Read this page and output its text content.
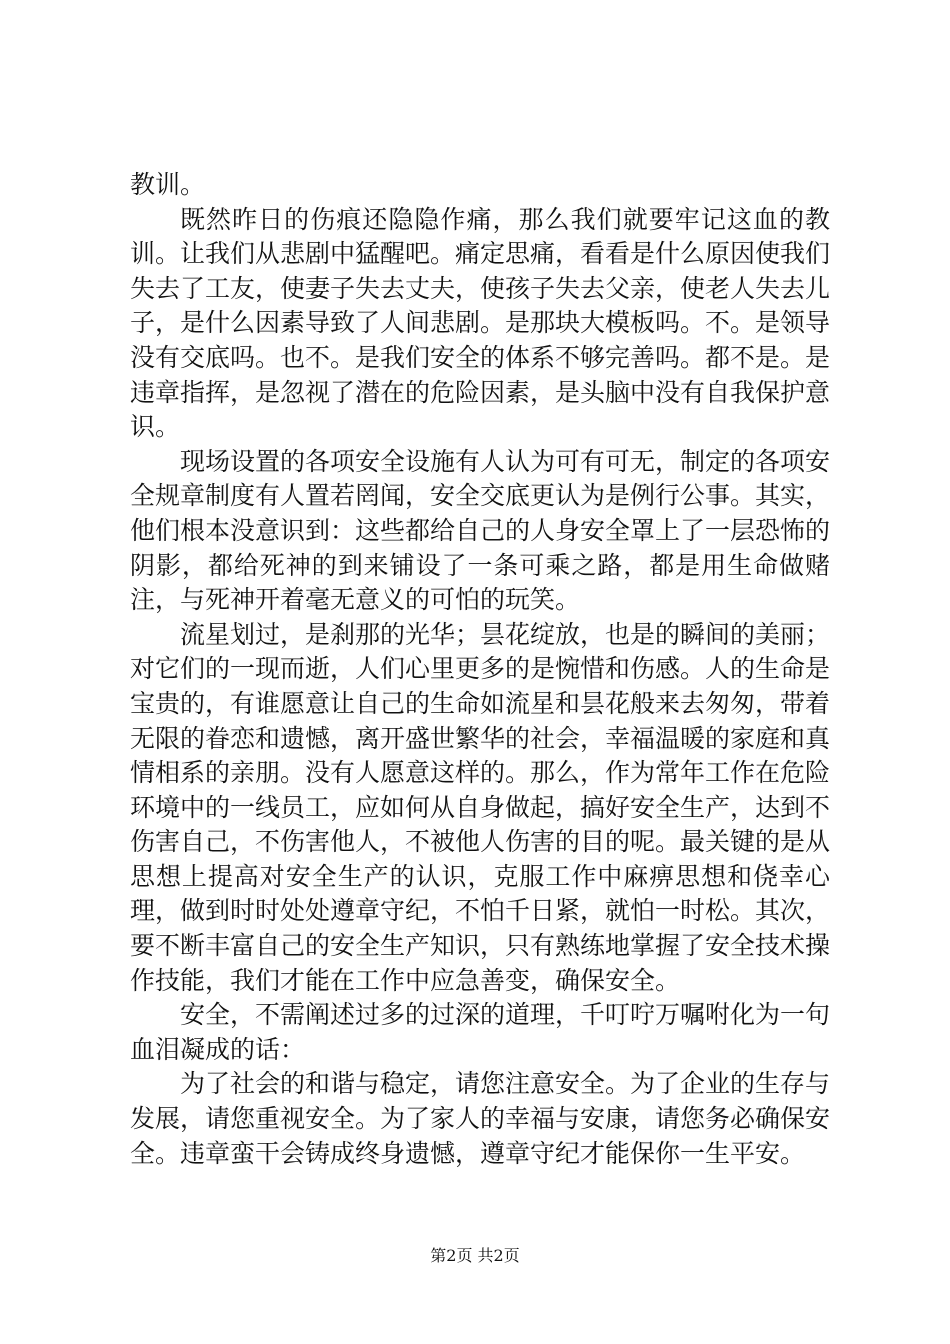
教训。

既然昨日的伤痕还隐隐作痛，那么我们就要牢记这血的教训。让我们从悲剧中猛醒吧。痛定思痛，看看是什么原因使我们失去了工友，使妻子失去丈夫，使孩子失去父亲，使老人失去儿子，是什么因素导致了人间悲剧。是那块大模板吗。不。是领导没有交底吗。也不。是我们安全的体系不够完善吗。都不是。是违章指挥，是忽视了潜在的危险因素，是头脑中没有自我保护意识。

现场设置的各项安全设施有人认为可有可无，制定的各项安全规章制度有人置若罔闻，安全交底更认为是例行公事。其实，他们根本没意识到：这些都给自己的人身安全罩上了一层恐怖的阴影，都给死神的到来铺设了一条可乘之路，都是用生命做赌注，与死神开着毫无意义的可怕的玩笑。

流星划过，是刹那的光华；昙花绽放，也是的瞬间的美丽；对它们的一现而逝，人们心里更多的是惋惜和伤感。人的生命是宝贵的，有谁愿意让自己的生命如流星和昙花般来去匆匆，带着无限的眷恋和遗憾，离开盛世繁华的社会，幸福温暖的家庭和真情相系的亲朋。没有人愿意这样的。那么，作为常年工作在危险环境中的一线员工，应如何从自身做起，搞好安全生产，达到不伤害自己，不伤害他人，不被他人伤害的目的呢。最关键的是从思想上提高对安全生产的认识，克服工作中麻痹思想和侥幸心理，做到时时处处遵章守纪，不怕千日紧，就怕一时松。其次，要不断丰富自己的安全生产知识，只有熟练地掌握了安全技术操作技能，我们才能在工作中应急善变，确保安全。

安全，不需阐述过多的过深的道理，千叮咛万嘱咐化为一句血泪凝成的话：

为了社会的和谐与稳定，请您注意安全。为了企业的生存与发展，请您重视安全。为了家人的幸福与安康，请您务必确保安全。违章蛮干会铸成终身遗憾，遵章守纪才能保你一生平安。

第2页 共2页
